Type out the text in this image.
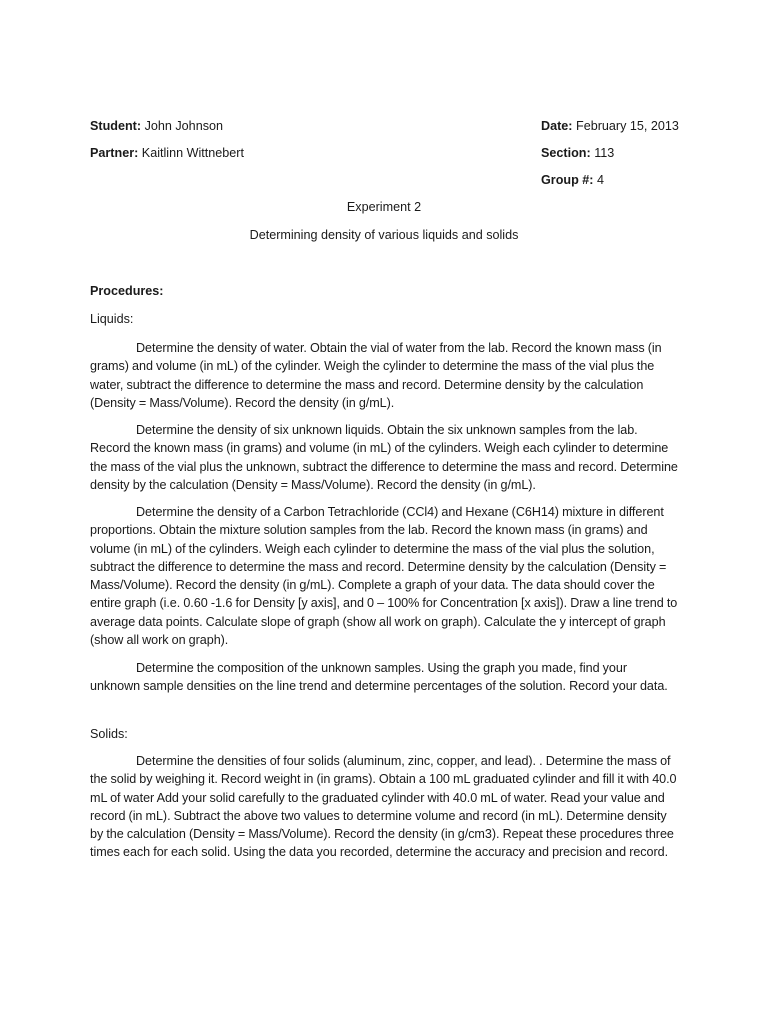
Student: John Johnson
Partner: Kaitlinn Wittnebert
Date: February 15, 2013
Section: 113
Group #: 4
Experiment 2
Determining density of various liquids and solids
Procedures:
Liquids:

Determine the density of water. Obtain the vial of water from the lab. Record the known mass (in grams) and volume (in mL) of the cylinder. Weigh the cylinder to determine the mass of the vial plus the water, subtract the difference to determine the mass and record. Determine density by the calculation (Density = Mass/Volume). Record the density (in g/mL).

Determine the density of six unknown liquids. Obtain the six unknown samples from the lab. Record the known mass (in grams) and volume (in mL) of the cylinders. Weigh each cylinder to determine the mass of the vial plus the unknown, subtract the difference to determine the mass and record. Determine density by the calculation (Density = Mass/Volume). Record the density (in g/mL).

Determine the density of a Carbon Tetrachloride (CCl4) and Hexane (C6H14) mixture in different proportions. Obtain the mixture solution samples from the lab. Record the known mass (in grams) and volume (in mL) of the cylinders. Weigh each cylinder to determine the mass of the vial plus the solution, subtract the difference to determine the mass and record. Determine density by the calculation (Density = Mass/Volume). Record the density (in g/mL). Complete a graph of your data. The data should cover the entire graph (i.e. 0.60 -1.6 for Density [y axis], and 0 – 100% for Concentration [x axis]). Draw a line trend to average data points. Calculate slope of graph (show all work on graph). Calculate the y intercept of graph (show all work on graph).

Determine the composition of the unknown samples. Using the graph you made, find your unknown sample densities on the line trend and determine percentages of the solution. Record your data.

Solids:

Determine the densities of four solids (aluminum, zinc, copper, and lead). . Determine the mass of the solid by weighing it. Record weight in (in grams). Obtain a 100 mL graduated cylinder and fill it with 40.0 mL of water Add your solid carefully to the graduated cylinder with 40.0 mL of water. Read your value and record (in mL). Subtract the above two values to determine volume and record (in mL). Determine density by the calculation (Density = Mass/Volume). Record the density (in g/cm3). Repeat these procedures three times each for each solid. Using the data you recorded, determine the accuracy and precision and record.
